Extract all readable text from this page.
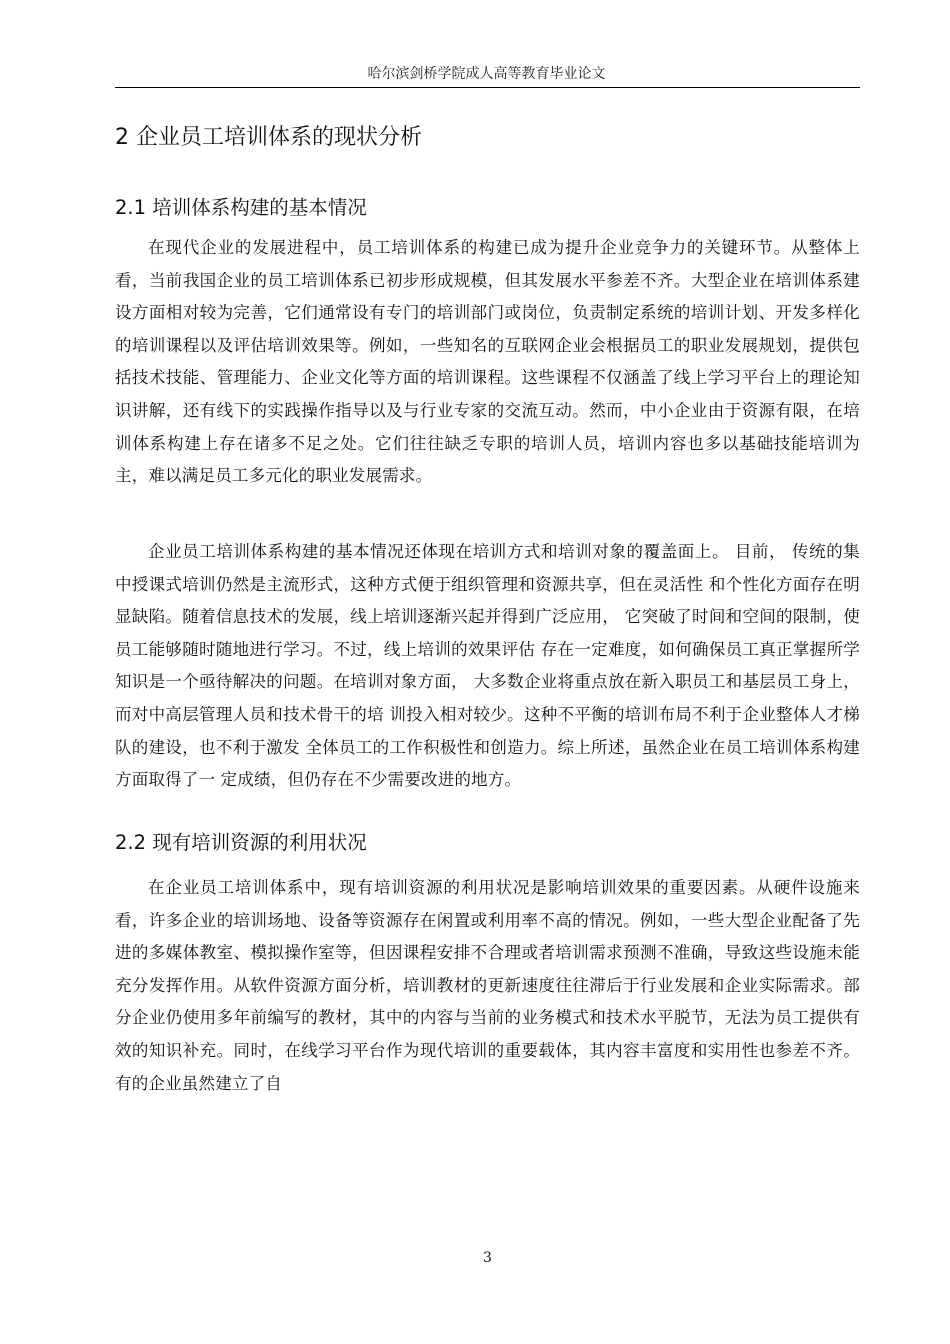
哈尔滨剑桥学院成人高等教育毕业论文
2 企业员工培训体系的现状分析
2.1 培训体系构建的基本情况

在现代企业的发展进程中，员工培训体系的构建已成为提升企业竞争力的关键环节。从整体上看，当前我国企业的员工培训体系已初步形成规模，但其发展水平参差不齐。大型企业在培训体系建设方面相对较为完善，它们通常设有专门的培训部门或岗位，负责制定系统的培训计划、开发多样化的培训课程以及评估培训效果等。例如，一些知名的互联网企业会根据员工的职业发展规划，提供包括技术技能、管理能力、企业文化等方面的培训课程。这些课程不仅涵盖了线上学习平台上的理论知识讲解，还有线下的实践操作指导以及与行业专家的交流互动。然而，中小企业由于资源有限，在培训体系构建上存在诸多不足之处。它们往往缺乏专职的培训人员，培训内容也多以基础技能培训为主，难以满足员工多元化的职业发展需求。

企业员工培训体系构建的基本情况还体现在培训方式和培训对象的覆盖面上。 目前， 传统的集中授课式培训仍然是主流形式，这种方式便于组织管理和资源共享，但在灵活性 和个性化方面存在明显缺陷。随着信息技术的发展，线上培训逐渐兴起并得到广泛应用， 它突破了时间和空间的限制，使员工能够随时随地进行学习。不过，线上培训的效果评估 存在一定难度，如何确保员工真正掌握所学知识是一个亟待解决的问题。在培训对象方面， 大多数企业将重点放在新入职员工和基层员工身上，而对中高层管理人员和技术骨干的培 训投入相对较少。这种不平衡的培训布局不利于企业整体人才梯队的建设，也不利于激发 全体员工的工作积极性和创造力。综上所述，虽然企业在员工培训体系构建方面取得了一 定成绩，但仍存在不少需要改进的地方。

2.2 现有培训资源的利用状况

在企业员工培训体系中，现有培训资源的利用状况是影响培训效果的重要因素。从硬件设施来看，许多企业的培训场地、设备等资源存在闲置或利用率不高的情况。例如，一些大型企业配备了先进的多媒体教室、模拟操作室等，但因课程安排不合理或者培训需求预测不准确，导致这些设施未能充分发挥作用。从软件资源方面分析，培训教材的更新速度往往滞后于行业发展和企业实际需求。部分企业仍使用多年前编写的教材，其中的内容与当前的业务模式和技术水平脱节，无法为员工提供有效的知识补充。同时，在线学习平台作为现代培训的重要载体，其内容丰富度和实用性也参差不齐。有的企业虽然建立了自

3
